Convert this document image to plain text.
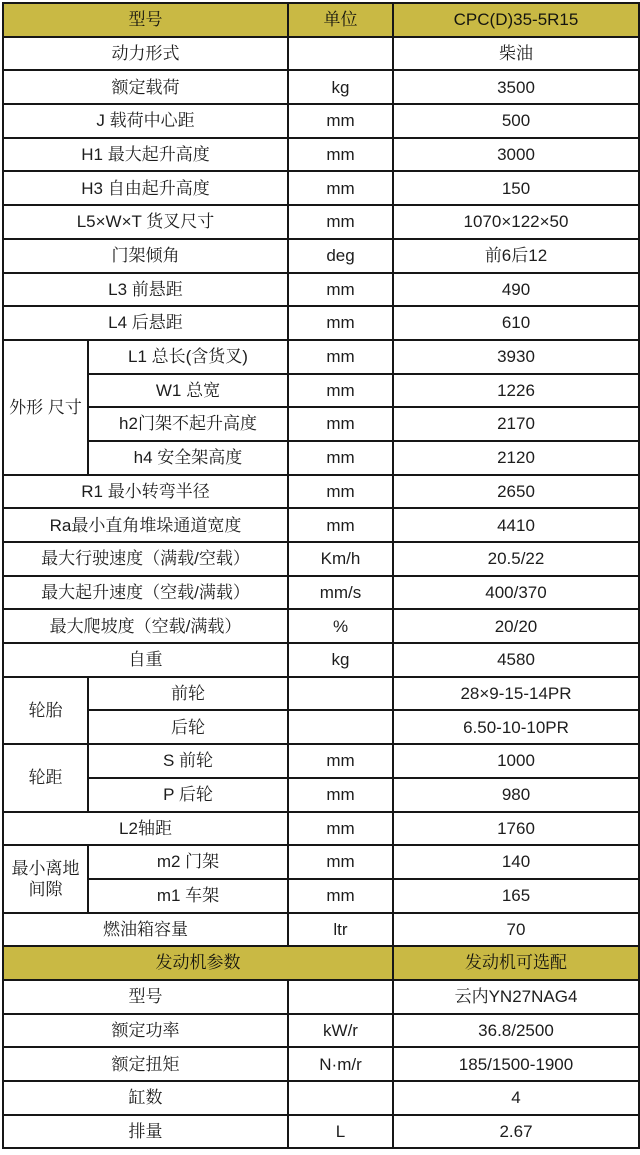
型号		单位	CPC(D)35-5R15
动力形式			柴油
额定载荷		kg	3500
J 载荷中心距		mm	500
H1 最大起升高度		mm	3000
H3 自由起升高度		mm	150
L5×W×T 货叉尺寸		mm	1070×122×50
门架倾角		deg	前6后12
L3 前悬距		mm	490
L4 后悬距		mm	610
外形 尺寸	L1 总长(含货叉)	mm	3930
	W1 总宽	mm	1226
	h2门架不起升高度	mm	2170
	h4 安全架高度	mm	2120
R1 最小转弯半径		mm	2650
Ra最小直角堆垛通道宽度		mm	4410
最大行驶速度（满载/空载）		Km/h	20.5/22
最大起升速度（空载/满载）		mm/s	400/370
最大爬坡度（空载/满载）		%	20/20
自重		kg	4580
轮胎	前轮		28×9-15-14PR
	后轮		6.50-10-10PR
轮距	S 前轮	mm	1000
	P 后轮	mm	980
L2轴距		mm	1760
最小离地 间隙	m2 门架	mm	140
	m1 车架	mm	165
燃油箱容量		ltr	70
发动机参数			发动机可选配
型号			云内YN27NAG4
额定功率		kW/r	36.8/2500
额定扭矩		N·m/r	185/1500-1900
缸数			4
排量		L	2.67
